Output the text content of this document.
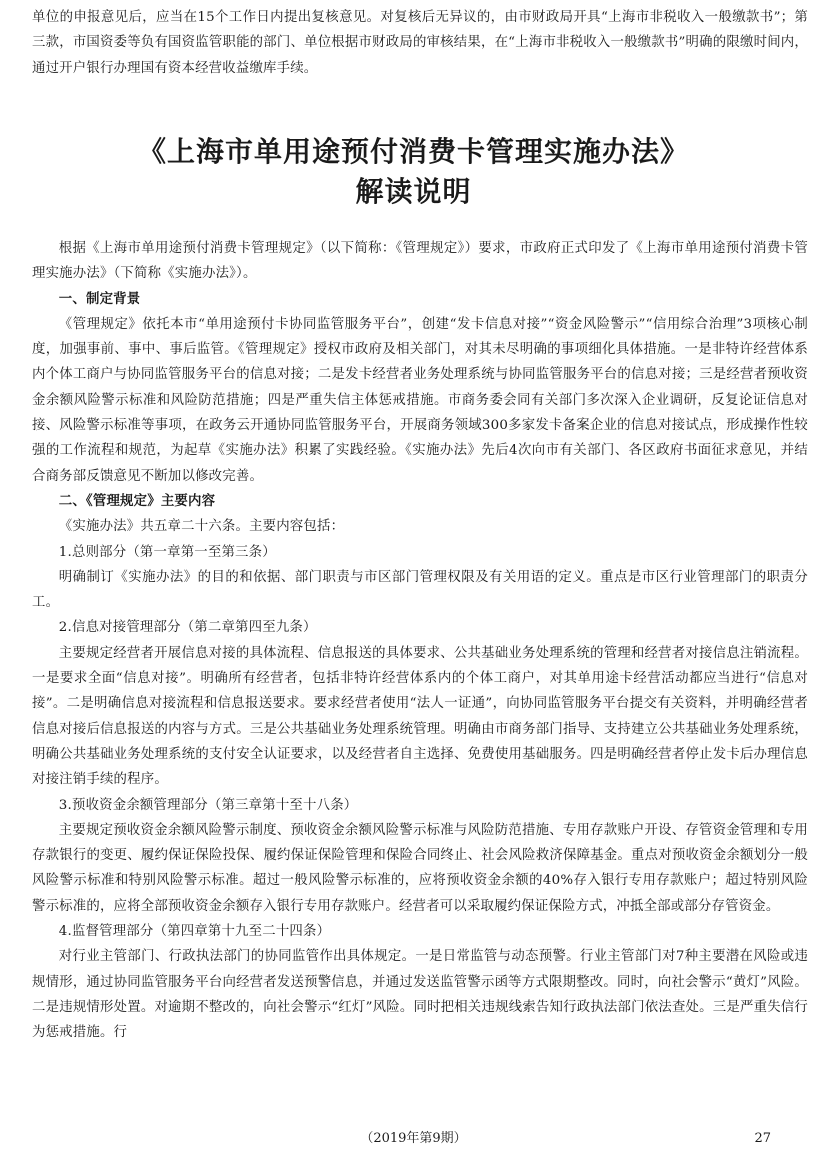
单位的申报意见后，应当在15个工作日内提出复核意见。对复核后无异议的，由市财政局开具“上海市非税收入一般缴款书”；第三款，市国资委等负有国资监管职能的部门、单位根据市财政局的审核结果，在“上海市非税收入一般缴款书”明确的限缴时间内，通过开户银行办理国有资本经营收益缴库手续。

《上海市单用途预付消费卡管理实施办法》
解读说明

根据《上海市单用途预付消费卡管理规定》（以下简称：《管理规定》）要求，市政府正式印发了《上海市单用途预付消费卡管理实施办法》（下简称《实施办法》）。

一、制定背景

《管理规定》依托本市“单用途预付卡协同监管服务平台”，创建“发卡信息对接”“资金风险警示”“信用综合治理”3项核心制度，加强事前、事中、事后监管。《管理规定》授权市政府及相关部门，对其未尽明确的事项细化具体措施。一是非特许经营体系内个体工商户与协同监管服务平台的信息对接；二是发卡经营者业务处理系统与协同监管服务平台的信息对接；三是经营者预收资金余额风险警示标准和风险防范措施；四是严重失信主体惩戒措施。市商务委会同有关部门多次深入企业调研，反复论证信息对接、风险警示标准等事项，在政务云开通协同监管服务平台，开展商务领域300多家发卡备案企业的信息对接试点，形成操作性较强的工作流程和规范，为起草《实施办法》积累了实践经验。《实施办法》先后4次向市有关部门、各区政府书面征求意见，并结合商务部反馈意见不断加以修改完善。

二、《管理规定》主要内容

《实施办法》共五章二十六条。主要内容包括：

1.总则部分（第一章第一至第三条）

明确制订《实施办法》的目的和依据、部门职责与市区部门管理权限及有关用语的定义。重点是市区行业管理部门的职责分工。

2.信息对接管理部分（第二章第四至九条）

主要规定经营者开展信息对接的具体流程、信息报送的具体要求、公共基础业务处理系统的管理和经营者对接信息注销流程。一是要求全面“信息对接”。明确所有经营者，包括非特许经营体系内的个体工商户，对其单用途卡经营活动都应当进行“信息对接”。二是明确信息对接流程和信息报送要求。要求经营者使用“法人一证通”，向协同监管服务平台提交有关资料，并明确经营者信息对接后信息报送的内容与方式。三是公共基础业务处理系统管理。明确由市商务部门指导、支持建立公共基础业务处理系统，明确公共基础业务处理系统的支付安全认证要求，以及经营者自主选择、免费使用基础服务。四是明确经营者停止发卡后办理信息对接注销手续的程序。

3.预收资金余额管理部分（第三章第十至十八条）

主要规定预收资金余额风险警示制度、预收资金余额风险警示标准与风险防范措施、专用存款账户开设、存管资金管理和专用存款银行的变更、履约保证保险投保、履约保证保险管理和保险合同终止、社会风险救济保障基金。重点对预收资金余额划分一般风险警示标准和特别风险警示标准。超过一般风险警示标准的，应将预收资金余额的40%存入银行专用存款账户；超过特别风险警示标准的，应将全部预收资金余额存入银行专用存款账户。经营者可以采取履约保证保险方式，冲抵全部或部分存管资金。

4.监督管理部分（第四章第十九至二十四条）

对行业主管部门、行政执法部门的协同监管作出具体规定。一是日常监管与动态预警。行业主管部门对7种主要潜在风险或违规情形，通过协同监管服务平台向经营者发送预警信息，并通过发送监管警示函等方式限期整改。同时，向社会警示“黄灯”风险。二是违规情形处置。对逾期不整改的，向社会警示“红灯”风险。同时把相关违规线索告知行政执法部门依法查处。三是严重失信行为惩戒措施。行

（2019年第9期）	27
